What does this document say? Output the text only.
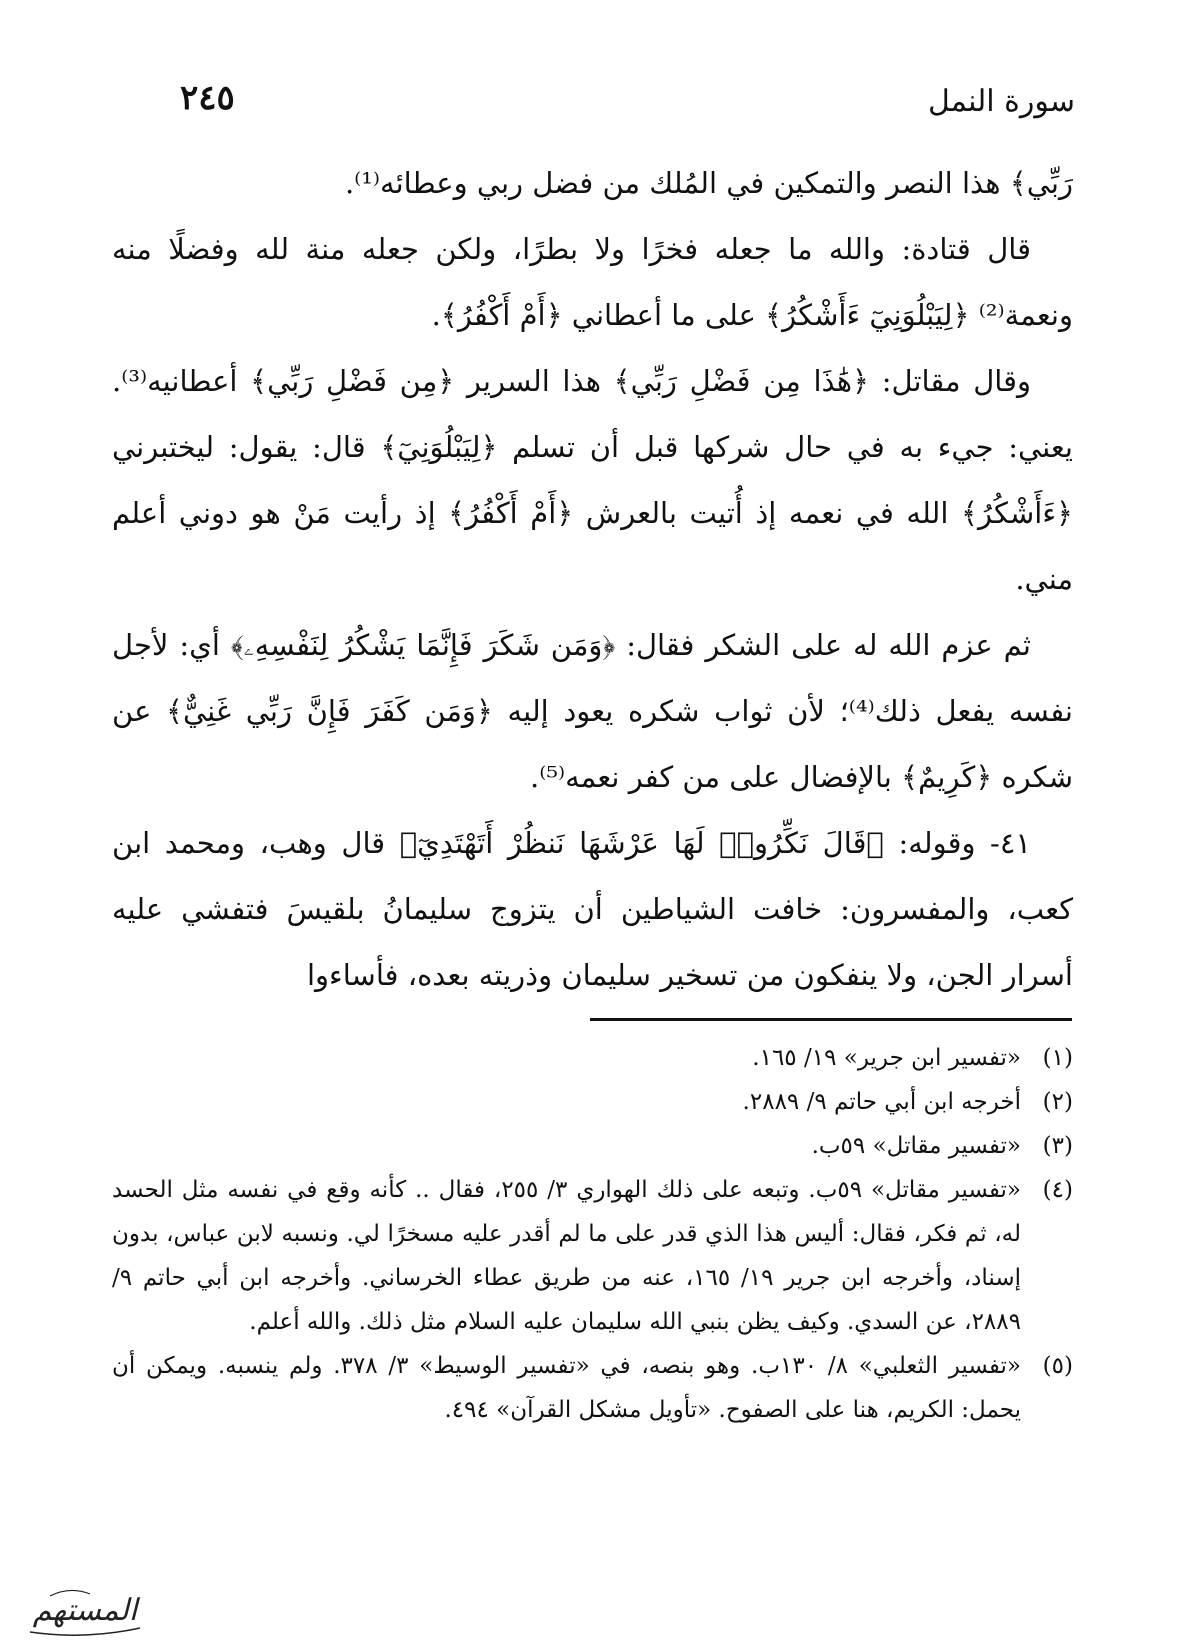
سورة النمل
٢٤٥

رَبِّي﴾ هذا النصر والتمكين في المُلك من فضل ربي وعطائه⁽¹⁾.

قال قتادة: والله ما جعله فخرًا ولا بطرًا، ولكن جعله منة لله وفضلًا منه ونعمة⁽²⁾ ﴿لِيَبْلُوَنِيٓ ءَأَشْكُرُ﴾ على ما أعطاني ﴿أَمْ أَكْفُرُ﴾.

وقال مقاتل: ﴿هَٰذَا مِن فَضْلِ رَبِّي﴾ هذا السرير ﴿مِن فَضْلِ رَبِّي﴾ أعطانيه⁽³⁾. يعني: جيء به في حال شركها قبل أن تسلم ﴿لِيَبْلُوَنِيٓ﴾ قال: يقول: ليختبرني ﴿ءَأَشْكُرُ﴾ الله في نعمه إذ أُتيت بالعرش ﴿أَمْ أَكْفُرُ﴾ إذ رأيت مَنْ هو دوني أعلم مني.

ثم عزم الله له على الشكر فقال: ﴿وَمَن شَكَرَ فَإِنَّمَا يَشْكُرُ لِنَفْسِهِۦ﴾ أي: لأجل نفسه يفعل ذلك⁽⁴⁾؛ لأن ثواب شكره يعود إليه ﴿وَمَن كَفَرَ فَإِنَّ رَبِّي غَنِيٌّ﴾ عن شكره ﴿كَرِيمٌ﴾ بالإفضال على من كفر نعمه⁽⁵⁾.

٤١- وقوله: ﴿قَالَ نَكِّرُوا۟ لَهَا عَرْشَهَا نَنظُرْ أَتَهْتَدِيٓ﴾ قال وهب، ومحمد ابن كعب، والمفسرون: خافت الشياطين أن يتزوج سليمانُ بلقيسَ فتفشي عليه أسرار الجن، ولا ينفكون من تسخير سليمان وذريته بعده، فأساءوا

(١)
«تفسير ابن جرير» ١٩/ ١٦٥.
(٢)
أخرجه ابن أبي حاتم ٩/ ٢٨٨٩.
(٣)
«تفسير مقاتل» ٥٩ب.
(٤)
«تفسير مقاتل» ٥٩ب. وتبعه على ذلك الهواري ٣/ ٢٥٥، فقال .. كأنه وقع في نفسه مثل الحسد له، ثم فكر، فقال: أليس هذا الذي قدر على ما لم أقدر عليه مسخرًا لي. ونسبه لابن عباس، بدون إسناد، وأخرجه ابن جرير ١٩/ ١٦٥، عنه من طريق عطاء الخرساني. وأخرجه ابن أبي حاتم ٩/ ٢٨٨٩، عن السدي. وكيف يظن بنبي الله سليمان عليه السلام مثل ذلك. والله أعلم.
(٥)
«تفسير الثعلبي» ٨/ ١٣٠ب. وهو بنصه، في «تفسير الوسيط» ٣/ ٣٧٨. ولم ينسبه. ويمكن أن يحمل: الكريم، هنا على الصفوح. «تأويل مشكل القرآن» ٤٩٤.
المستهم
